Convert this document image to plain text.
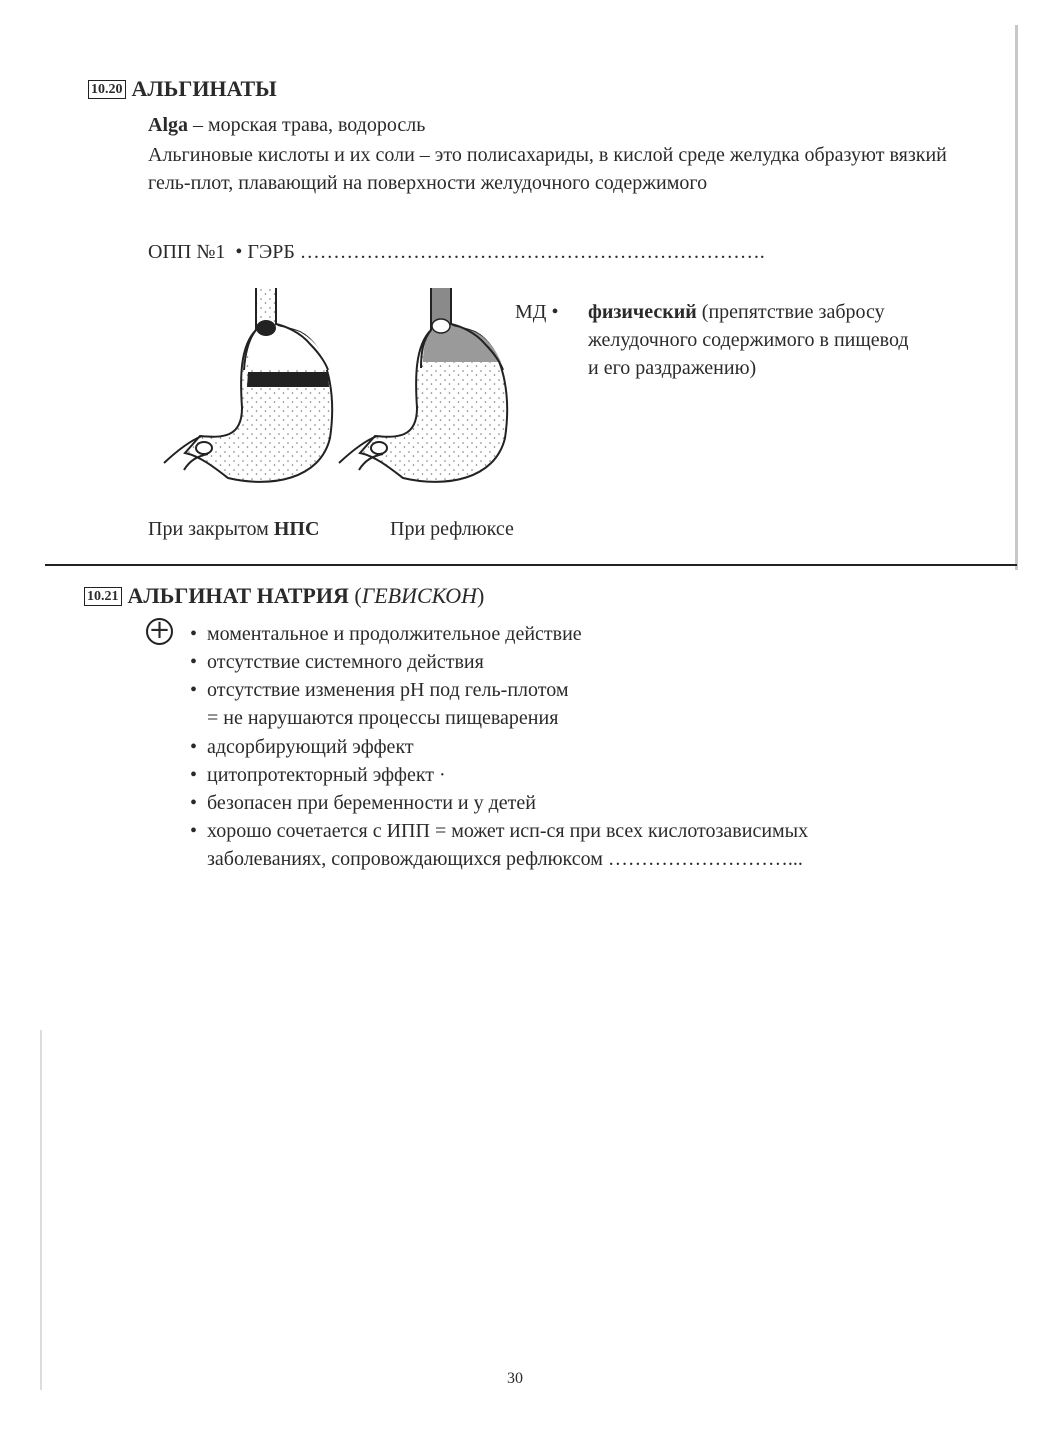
10.20 АЛЬГИНАТЫ
Alga – морская трава, водоросль
Альгиновые кислоты и их соли – это полисахариды, в кислой среде желудка образуют вязкий гель-плот, плавающий на поверхности желудочного содержимого
ОПП №1 • ГЭРБ …………………………………………………………….
МД • физический (препятствие забросу желудочного содержимого в пищевод и его раздражению)
При закрытом НПС	При рефлюксе
10.21 АЛЬГИНАТ НАТРИЯ (ГЕВИСКОН)
+ • моментальное и продолжительное действие
• отсутствие системного действия
• отсутствие изменения рН под гель-плотом
= не нарушаются процессы пищеварения
• адсорбирующий эффект
• цитопротекторный эффект ·
• безопасен при беременности и у детей
• хорошо сочетается с ИПП = может исп-ся при всех кислотозависимых
заболеваниях, сопровождающихся рефлюксом ………………………...
30
